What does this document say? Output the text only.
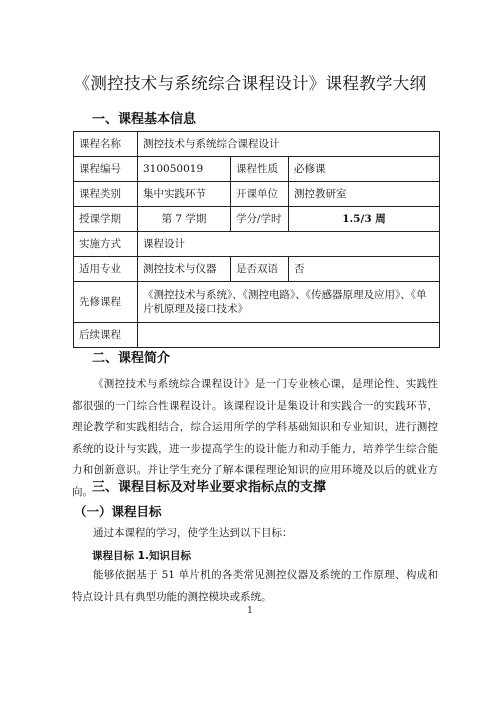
《测控技术与系统综合课程设计》课程教学大纲
一、课程基本信息
课程名称	测控技术与系统综合课程设计		
课程编号	310050019	课程性质	必修课
课程类别	集中实践环节	开课单位	测控教研室
授课学期	第 7 学期	学分/学时	1.5/3 周
实施方式	课程设计		
适用专业	测控技术与仪器	是否双语	否
先修课程	《测控技术与系统》、《测控电路》、《传感器原理及应用》、《单片机原理及接口技术》		
后续课程			
二、课程简介
《测控技术与系统综合课程设计》是一门专业核心课，是理论性、实践性都很强的一门综合性课程设计。该课程设计是集设计和实践合一的实践环节，理论教学和实践相结合，综合运用所学的学科基础知识和专业知识，进行测控系统的设计与实践，进一步提高学生的设计能力和动手能力，培养学生综合能力和创新意识。并让学生充分了解本课程理论知识的应用环境及以后的就业方向。 三、课程目标及对毕业要求指标点的支撑
（一）课程目标
通过本课程的学习，使学生达到以下目标：
课程目标 1.知识目标
能够依据基于 51 单片机的各类常见测控仪器及系统的工作原理、构成和特点设计具有典型功能的测控模块或系统。
1
